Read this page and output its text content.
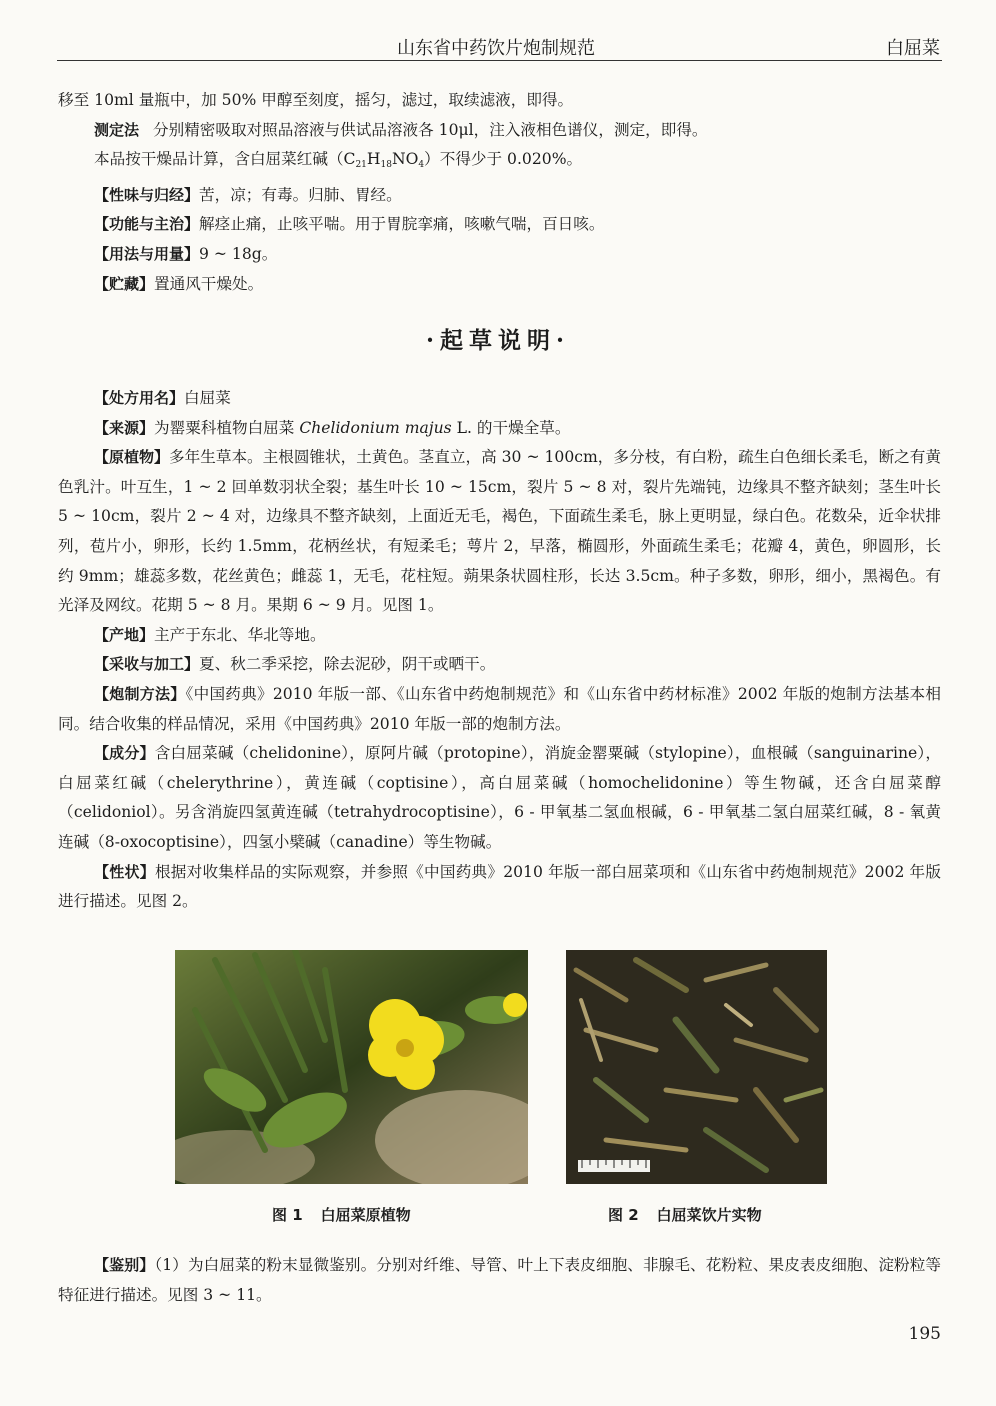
山东省中药饮片炮制规范	白屈菜

移至 10ml 量瓶中，加 50% 甲醇至刻度，摇匀，滤过，取续滤液，即得。

测定法 分别精密吸取对照品溶液与供试品溶液各 10μl，注入液相色谱仪，测定，即得。

本品按干燥品计算，含白屈菜红碱$(C_{21}H_{18}NO_4)$不得少于 0.020%。

【性味与归经】苦，凉；有毒。归肺、胃经。

【功能与主治】解痉止痛，止咳平喘。用于胃脘挛痛，咳嗽气喘，百日咳。

【用法与用量】9 ~ 18g。

【贮藏】置通风干燥处。

·起草说明·

【处方用名】白屈菜

【来源】为罂粟科植物白屈菜 Chelidonium majus L. 的干燥全草。

【原植物】多年生草本。主根圆锥状，土黄色。茎直立，高 30 ~ 100cm，多分枝，有白粉，疏生白色细长柔毛，断之有黄色乳汁。叶互生，1 ~ 2 回单数羽状全裂；基生叶长 10 ~ 15cm，裂片 5 ~ 8 对，裂片先端钝，边缘具不整齐缺刻；茎生叶长 5 ~ 10cm，裂片 2 ~ 4 对，边缘具不整齐缺刻，上面近无毛，褐色，下面疏生柔毛，脉上更明显，绿白色。花数朵，近伞状排列，苞片小，卵形，长约 1.5mm，花柄丝状，有短柔毛；萼片 2，早落，椭圆形，外面疏生柔毛；花瓣 4，黄色，卵圆形，长约 9mm；雄蕊多数，花丝黄色；雌蕊 1，无毛，花柱短。蒴果条状圆柱形，长达 3.5cm。种子多数，卵形，细小，黑褐色。有光泽及网纹。花期 5 ~ 8 月。果期 6 ~ 9 月。见图 1。

【产地】主产于东北、华北等地。

【采收与加工】夏、秋二季采挖，除去泥砂，阴干或晒干。

【炮制方法】《中国药典》2010 年版一部、《山东省中药炮制规范》和《山东省中药材标准》2002 年版的炮制方法基本相同。结合收集的样品情况，采用《中国药典》2010 年版一部的炮制方法。

【成分】含白屈菜碱（chelidonine），原阿片碱（protopine），消旋金罂粟碱（stylopine），血根碱（sanguinarine），白屈菜红碱（chelerythrine），黄连碱（coptisine），高白屈菜碱（homochelidonine）等生物碱，还含白屈菜醇（celidoniol）。另含消旋四氢黄连碱（tetrahydrocoptisine），6 - 甲氧基二氢血根碱，6 - 甲氧基二氢白屈菜红碱，8 - 氧黄连碱（8-oxocoptisine），四氢小檗碱（canadine）等生物碱。

【性状】根据对收集样品的实际观察，并参照《中国药典》2010 年版一部白屈菜项和《山东省中药炮制规范》2002 年版进行描述。见图 2。

图 1 白屈菜原植物	图 2 白屈菜饮片实物

【鉴别】（1）为白屈菜的粉末显微鉴别。分别对纤维、导管、叶上下表皮细胞、非腺毛、花粉粒、果皮表皮细胞、淀粉粒等特征进行描述。见图 3 ~ 11。

195
